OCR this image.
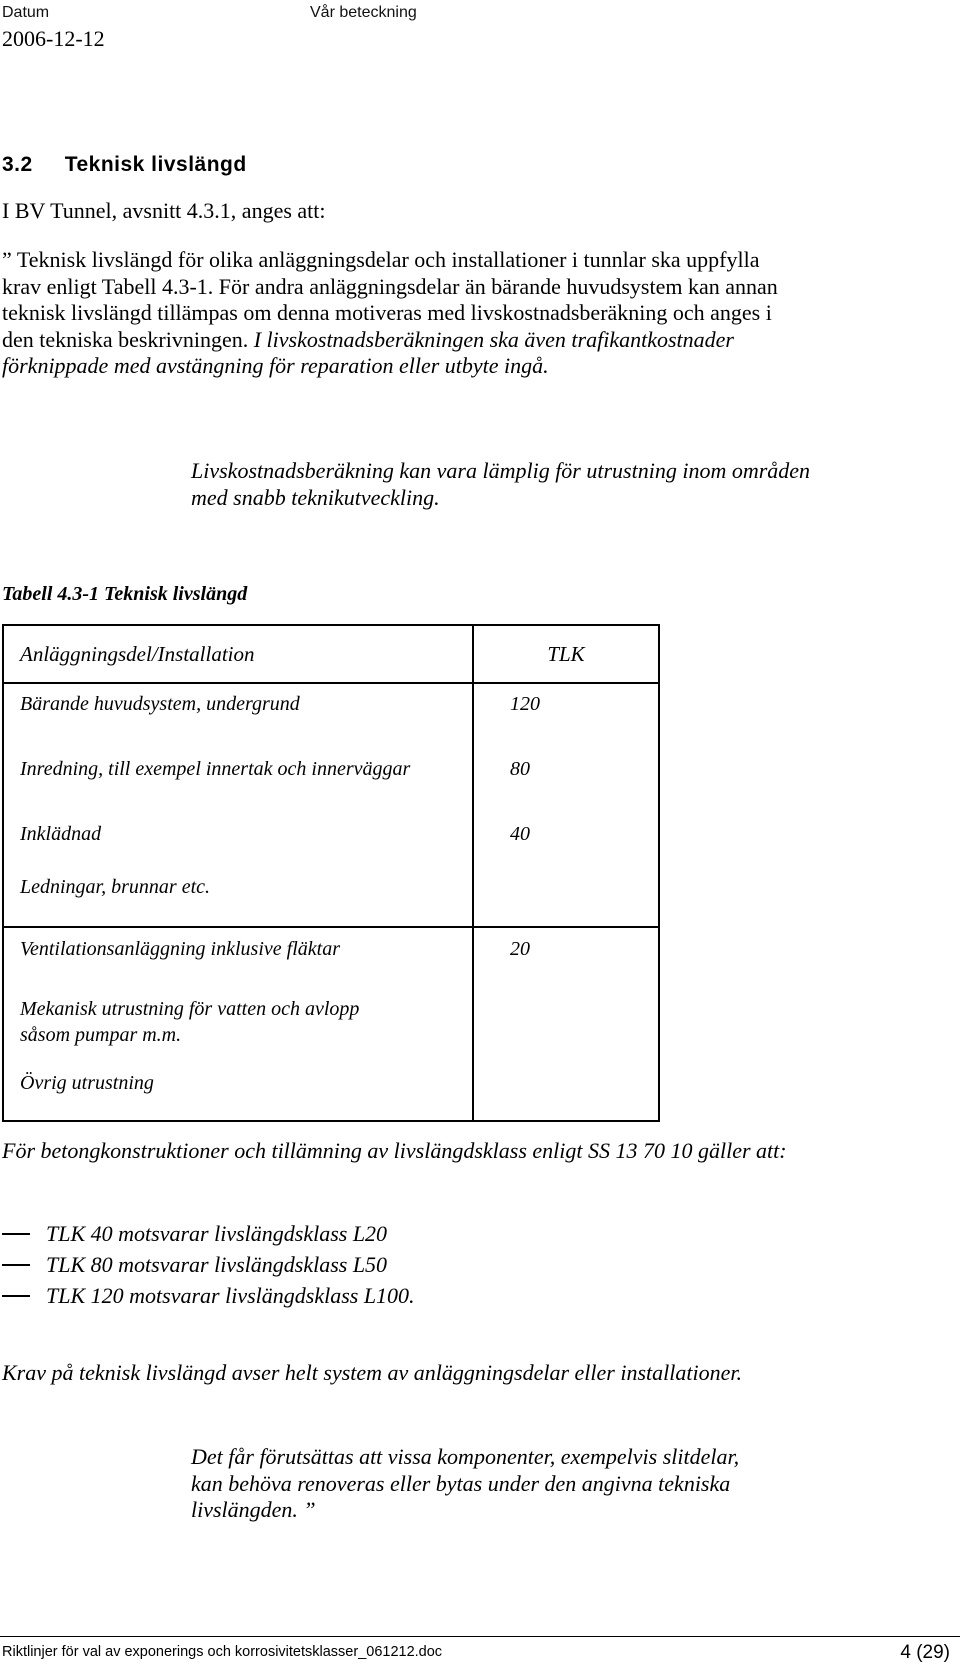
Datum
2006-12-12
Vår beteckning
3.2 Teknisk livslängd

I BV Tunnel, avsnitt 4.3.1, anges att:

” Teknisk livslängd för olika anläggningsdelar och installationer i tunnlar ska uppfylla krav enligt Tabell 4.3-1. För andra anläggningsdelar än bärande huvudsystem kan annan teknisk livslängd tillämpas om denna motiveras med livskostnadsberäkning och anges i den tekniska beskrivningen. I livskostnadsberäkningen ska även trafikantkostnader förknippade med avstängning för reparation eller utbyte ingå.

Livskostnadsberäkning kan vara lämplig för utrustning inom områden med snabb teknikutveckling.

Tabell 4.3-1 Teknisk livslängd
Anläggningsdel/Installation	TLK
Bärande huvudsystem, undergrund	120
Inredning, till exempel innertak och innerväggar	80
Inklädnad	40
Ledningar, brunnar etc.	
Ventilationsanläggning inklusive fläktar	20
Mekanisk utrustning för vatten och avlopp såsom pumpar m.m.	
Övrig utrustning	

För betongkonstruktioner och tillämning av livslängdsklass enligt SS 13 70 10 gäller att:

TLK 40 motsvarar livslängdsklass L20
TLK 80 motsvarar livslängdsklass L50
TLK 120 motsvarar livslängdsklass L100.

Krav på teknisk livslängd avser helt system av anläggningsdelar eller installationer.

Det får förutsättas att vissa komponenter, exempelvis slitdelar, kan behöva renoveras eller bytas under den angivna tekniska livslängden. ”

Riktlinjer för val av exponerings och korrosivitetsklasser_061212.doc	4 (29)
